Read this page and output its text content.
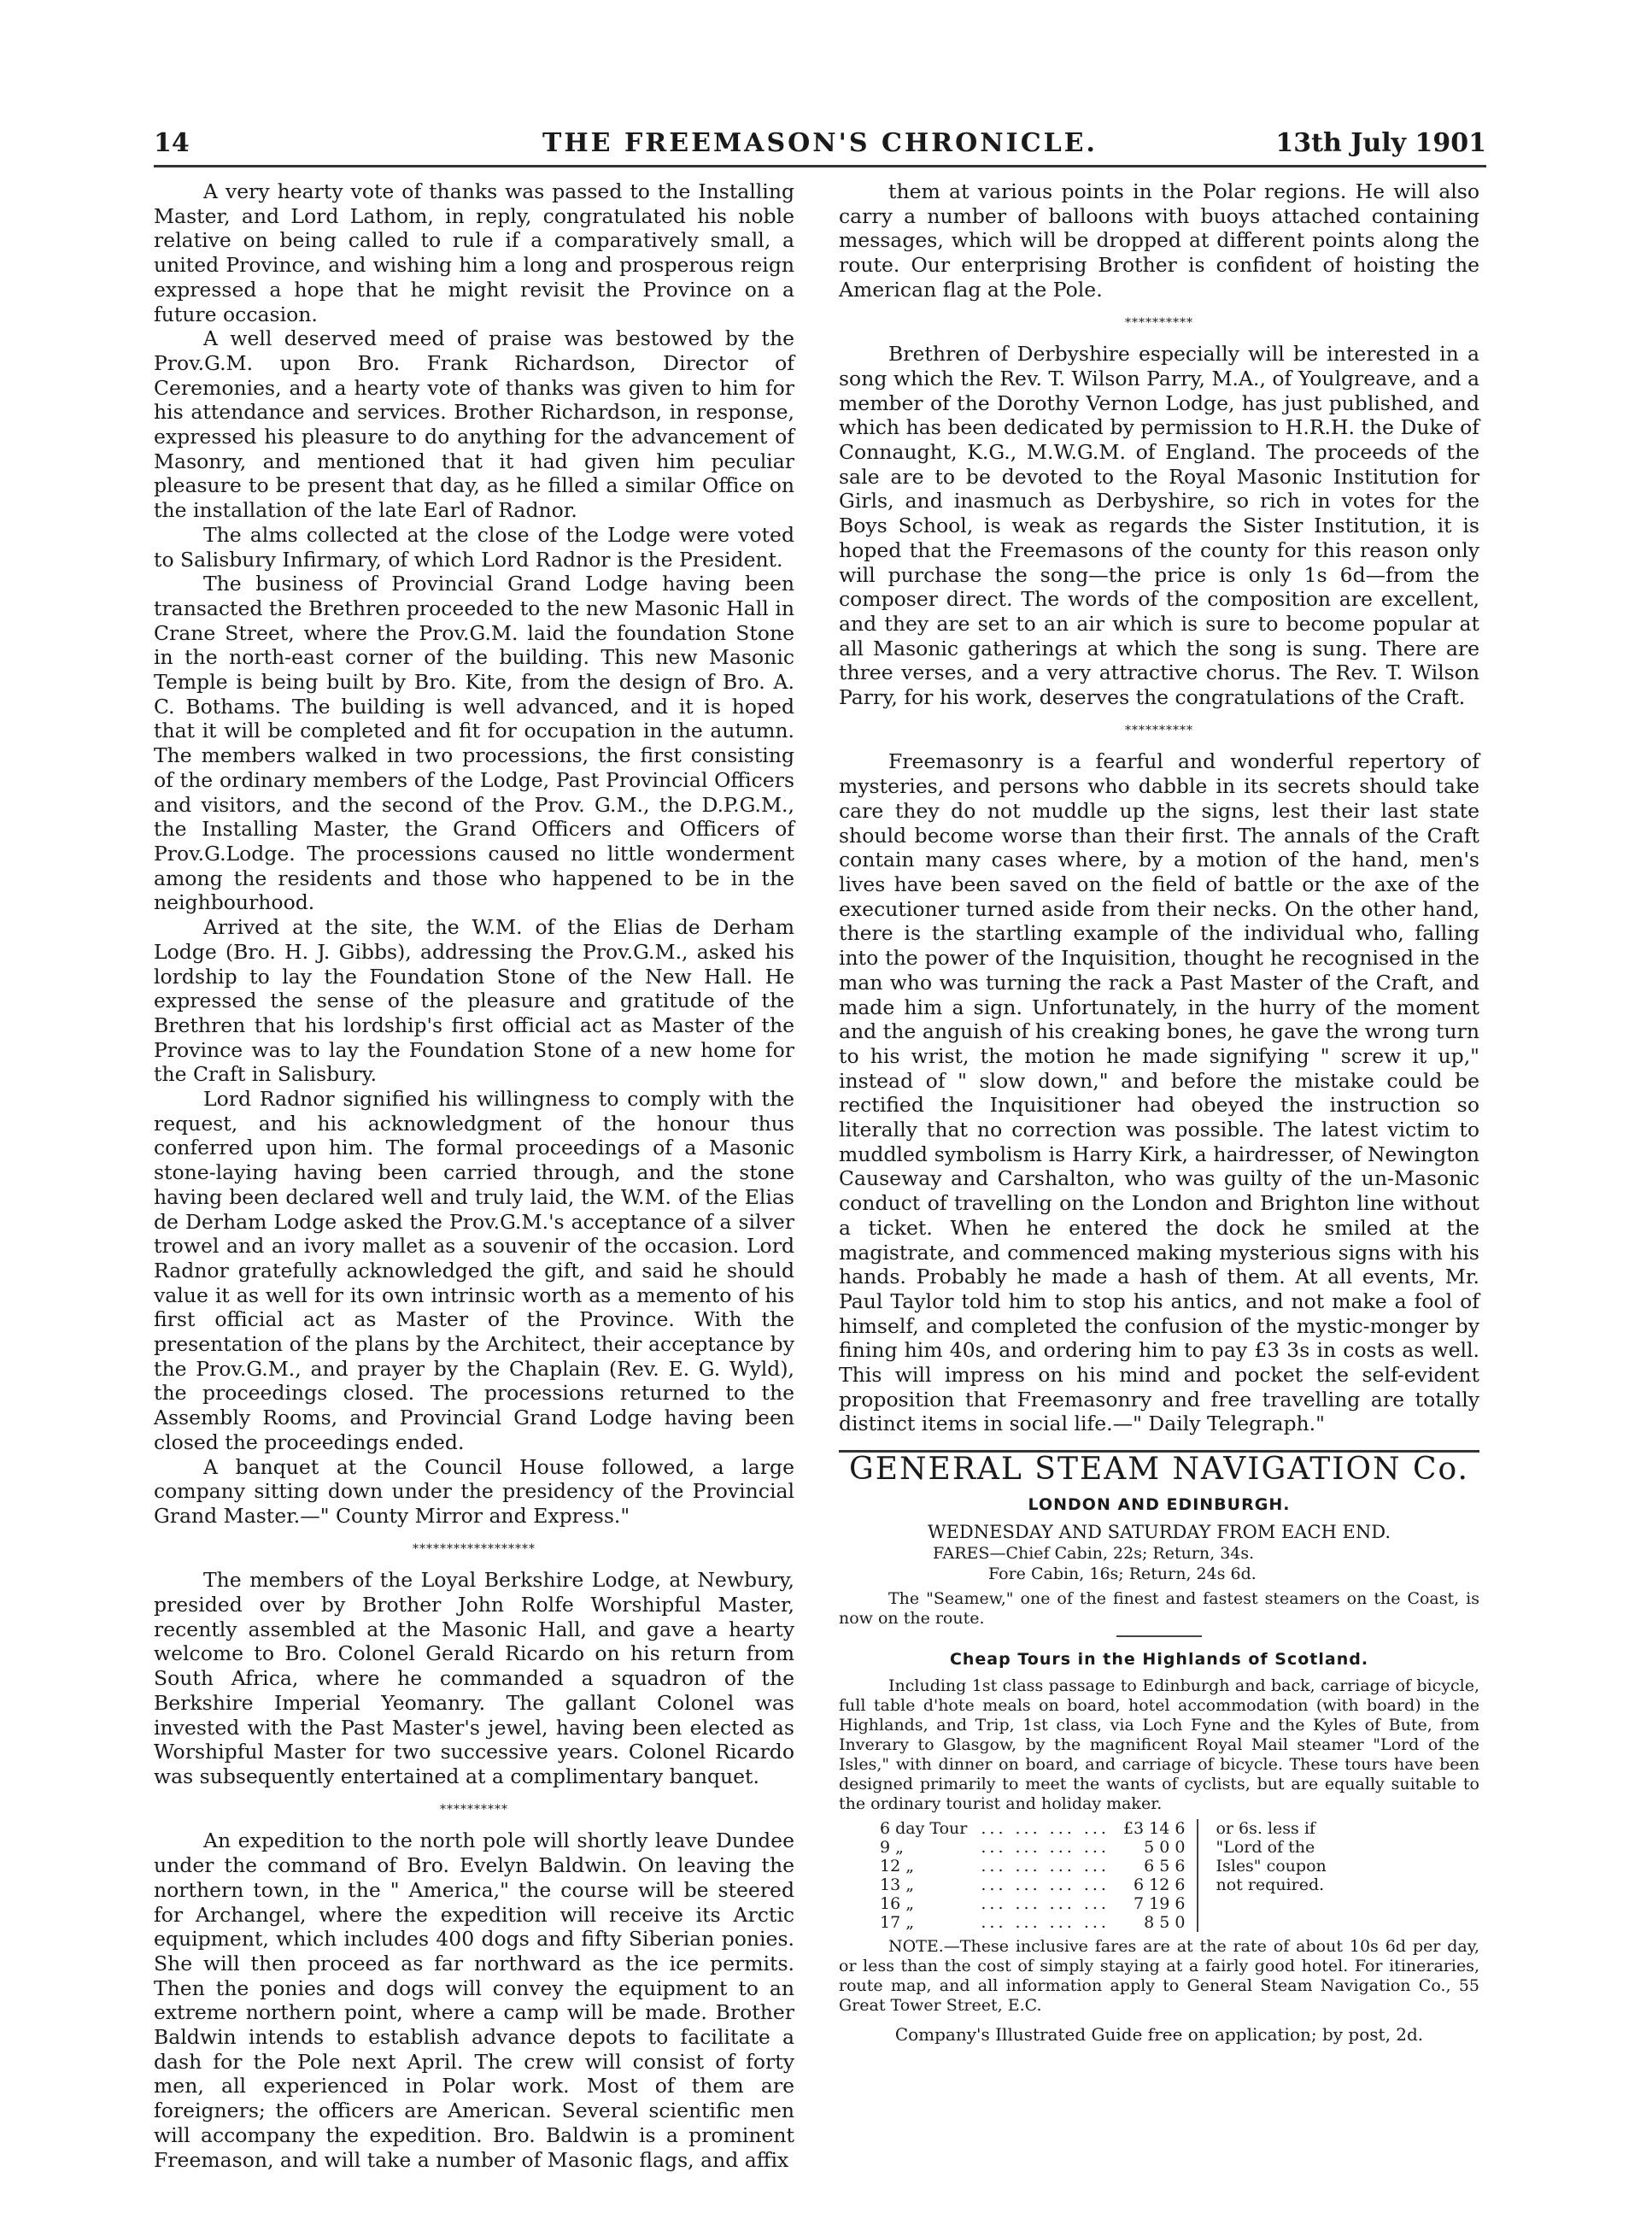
14	THE FREEMASON'S CHRONICLE.	13th July 1901

A very hearty vote of thanks was passed to the Installing Master, and Lord Lathom, in reply, congratulated his noble relative on being called to rule if a comparatively small, a united Province, and wishing him a long and prosperous reign expressed a hope that he might revisit the Province on a future occasion.

A well deserved meed of praise was bestowed by the Prov.G.M. upon Bro. Frank Richardson, Director of Ceremonies, and a hearty vote of thanks was given to him for his attendance and services. Brother Richardson, in response, expressed his pleasure to do anything for the advancement of Masonry, and mentioned that it had given him peculiar pleasure to be present that day, as he filled a similar Office on the installation of the late Earl of Radnor.

The alms collected at the close of the Lodge were voted to Salisbury Infirmary, of which Lord Radnor is the President.

The business of Provincial Grand Lodge having been transacted the Brethren proceeded to the new Masonic Hall in Crane Street, where the Prov.G.M. laid the foundation Stone in the north-east corner of the building. This new Masonic Temple is being built by Bro. Kite, from the design of Bro. A. C. Bothams. The building is well advanced, and it is hoped that it will be completed and fit for occupation in the autumn. The members walked in two processions, the first consisting of the ordinary members of the Lodge, Past Provincial Officers and visitors, and the second of the Prov. G.M., the D.P.G.M., the Installing Master, the Grand Officers and Officers of Prov.G.Lodge. The processions caused no little wonderment among the residents and those who happened to be in the neighbourhood.

Arrived at the site, the W.M. of the Elias de Derham Lodge (Bro. H. J. Gibbs), addressing the Prov.G.M., asked his lordship to lay the Foundation Stone of the New Hall. He expressed the sense of the pleasure and gratitude of the Brethren that his lordship's first official act as Master of the Province was to lay the Foundation Stone of a new home for the Craft in Salisbury.

Lord Radnor signified his willingness to comply with the request, and his acknowledgment of the honour thus conferred upon him. The formal proceedings of a Masonic stone-laying having been carried through, and the stone having been declared well and truly laid, the W.M. of the Elias de Derham Lodge asked the Prov.G.M.'s acceptance of a silver trowel and an ivory mallet as a souvenir of the occasion. Lord Radnor gratefully acknowledged the gift, and said he should value it as well for its own intrinsic worth as a memento of his first official act as Master of the Province. With the presentation of the plans by the Architect, their acceptance by the Prov.G.M., and prayer by the Chaplain (Rev. E. G. Wyld), the proceedings closed. The processions returned to the Assembly Rooms, and Provincial Grand Lodge having been closed the proceedings ended.

A banquet at the Council House followed, a large company sitting down under the presidency of the Provincial Grand Master.—" County Mirror and Express."

******************

The members of the Loyal Berkshire Lodge, at Newbury, presided over by Brother John Rolfe Worshipful Master, recently assembled at the Masonic Hall, and gave a hearty welcome to Bro. Colonel Gerald Ricardo on his return from South Africa, where he commanded a squadron of the Berkshire Imperial Yeomanry. The gallant Colonel was invested with the Past Master's jewel, having been elected as Worshipful Master for two successive years. Colonel Ricardo was subsequently entertained at a complimentary banquet.

**********

An expedition to the north pole will shortly leave Dundee under the command of Bro. Evelyn Baldwin. On leaving the northern town, in the " America," the course will be steered for Archangel, where the expedition will receive its Arctic equipment, which includes 400 dogs and fifty Siberian ponies. She will then proceed as far northward as the ice permits. Then the ponies and dogs will convey the equipment to an extreme northern point, where a camp will be made. Brother Baldwin intends to establish advance depots to facilitate a dash for the Pole next April. The crew will consist of forty men, all experienced in Polar work. Most of them are foreigners; the officers are American. Several scientific men will accompany the expedition. Bro. Baldwin is a prominent Freemason, and will take a number of Masonic flags, and affix

them at various points in the Polar regions. He will also carry a number of balloons with buoys attached containing messages, which will be dropped at different points along the route. Our enterprising Brother is confident of hoisting the American flag at the Pole.

**********

Brethren of Derbyshire especially will be interested in a song which the Rev. T. Wilson Parry, M.A., of Youlgreave, and a member of the Dorothy Vernon Lodge, has just published, and which has been dedicated by permission to H.R.H. the Duke of Connaught, K.G., M.W.G.M. of England. The proceeds of the sale are to be devoted to the Royal Masonic Institution for Girls, and inasmuch as Derbyshire, so rich in votes for the Boys School, is weak as regards the Sister Institution, it is hoped that the Freemasons of the county for this reason only will purchase the song—the price is only 1s 6d—from the composer direct. The words of the composition are excellent, and they are set to an air which is sure to become popular at all Masonic gatherings at which the song is sung. There are three verses, and a very attractive chorus. The Rev. T. Wilson Parry, for his work, deserves the congratulations of the Craft.

**********

Freemasonry is a fearful and wonderful repertory of mysteries, and persons who dabble in its secrets should take care they do not muddle up the signs, lest their last state should become worse than their first. The annals of the Craft contain many cases where, by a motion of the hand, men's lives have been saved on the field of battle or the axe of the executioner turned aside from their necks. On the other hand, there is the startling example of the individual who, falling into the power of the Inquisition, thought he recognised in the man who was turning the rack a Past Master of the Craft, and made him a sign. Unfortunately, in the hurry of the moment and the anguish of his creaking bones, he gave the wrong turn to his wrist, the motion he made signifying " screw it up," instead of " slow down," and before the mistake could be rectified the Inquisitioner had obeyed the instruction so literally that no correction was possible. The latest victim to muddled symbolism is Harry Kirk, a hairdresser, of Newington Causeway and Carshalton, who was guilty of the un-Masonic conduct of travelling on the London and Brighton line without a ticket. When he entered the dock he smiled at the magistrate, and commenced making mysterious signs with his hands. Probably he made a hash of them. At all events, Mr. Paul Taylor told him to stop his antics, and not make a fool of himself, and completed the confusion of the mystic-monger by fining him 40s, and ordering him to pay £3 3s in costs as well. This will impress on his mind and pocket the self-evident proposition that Freemasonry and free travelling are totally distinct items in social life.—" Daily Telegraph."

GENERAL STEAM NAVIGATION Co.
LONDON AND EDINBURGH.
WEDNESDAY AND SATURDAY FROM EACH END.
FARES—Chief Cabin, 22s; Return, 34s.
Fore Cabin, 16s; Return, 24s 6d.

The "Seamew," one of the finest and fastest steamers on the Coast, is now on the route.

Cheap Tours in the Highlands of Scotland.

Including 1st class passage to Edinburgh and back, carriage of bicycle, full table d'hote meals on board, hotel accommodation (with board) in the Highlands, and Trip, 1st class, via Loch Fyne and the Kyles of Bute, from Inverary to Glasgow, by the magnificent Royal Mail steamer "Lord of the Isles," with dinner on board, and carriage of bicycle. These tours have been designed primarily to meet the wants of cyclists, but are equally suitable to the ordinary tourist and holiday maker.

6 day Tour	... ... ... ...	£3 14 6	or 6s. less if "Lord of the Isles" coupon not required.
9 „	... ... ... ...	5 0 0	
12 „	... ... ... ...	6 5 6	
13 „	... ... ... ...	6 12 6	
16 „	... ... ... ...	7 19 6	
17 „	... ... ... ...	8 5 0	

NOTE.—These inclusive fares are at the rate of about 10s 6d per day, or less than the cost of simply staying at a fairly good hotel. For itineraries, route map, and all information apply to General Steam Navigation Co., 55 Great Tower Street, E.C.

Company's Illustrated Guide free on application; by post, 2d.
